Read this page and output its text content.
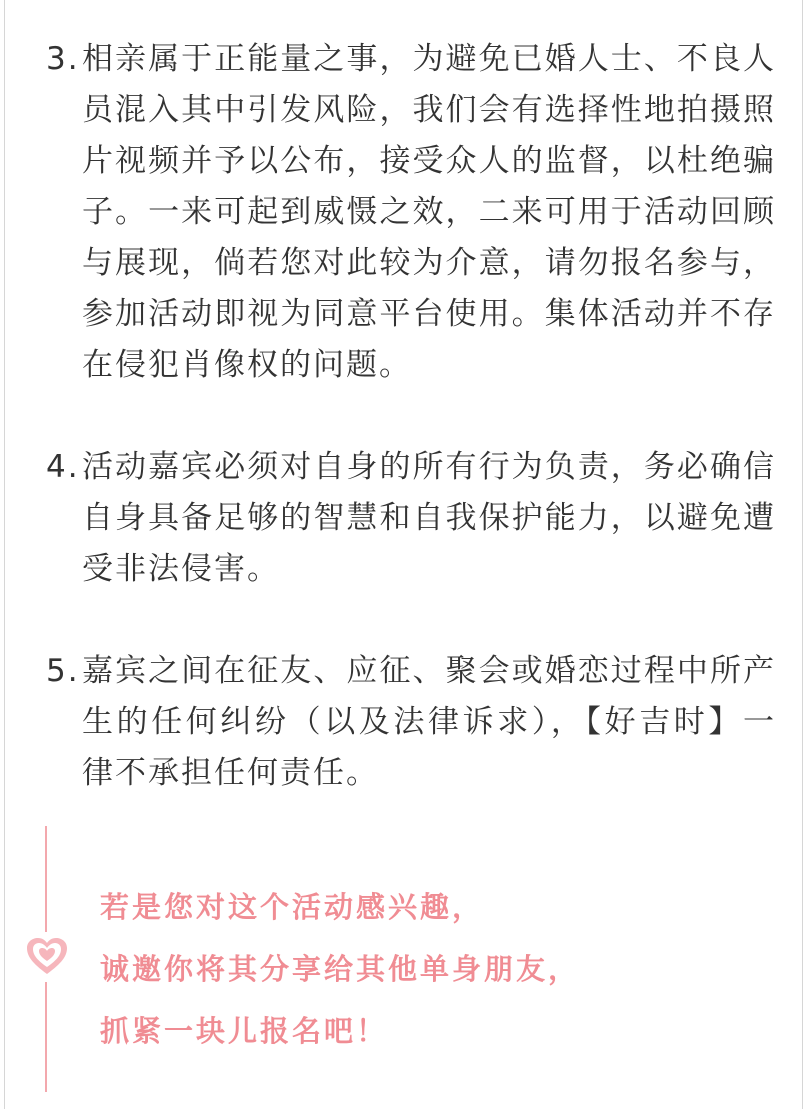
3. 相亲属于正能量之事，为避免已婚人士、不良人员混入其中引发风险，我们会有选择性地拍摄照片视频并予以公布，接受众人的监督，以杜绝骗子。一来可起到威慑之效，二来可用于活动回顾与展现，倘若您对此较为介意，请勿报名参与，参加活动即视为同意平台使用。集体活动并不存在侵犯肖像权的问题。
4. 活动嘉宾必须对自身的所有行为负责，务必确信自身具备足够的智慧和自我保护能力，以避免遭受非法侵害。
5. 嘉宾之间在征友、应征、聚会或婚恋过程中所产生的任何纠纷（以及法律诉求），【好吉时】一律不承担任何责任。
若是您对这个活动感兴趣，
诚邀你将其分享给其他单身朋友，
抓紧一块儿报名吧！
